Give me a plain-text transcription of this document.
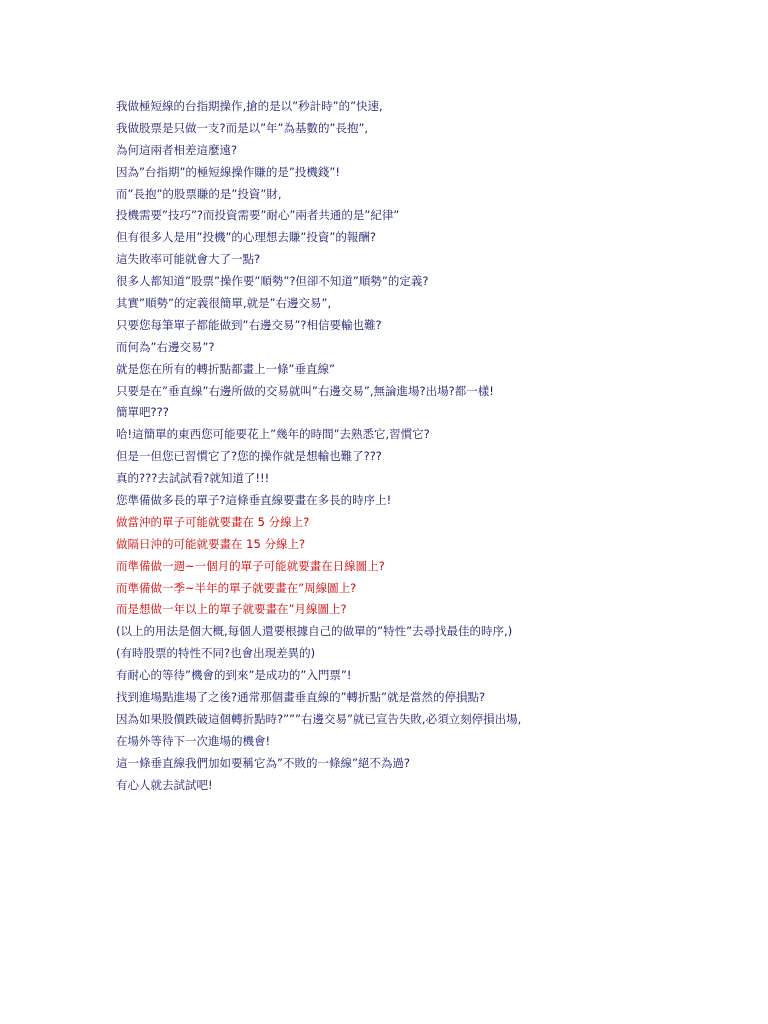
我做極短線的台指期操作,搶的是以”秒計時”的”快速,
我做股票是只做一支?而是以”年”為基數的”長抱”,
為何這兩者相差這麼遠?
因為”台指期”的極短線操作賺的是”投機錢”!
而”長抱”的股票賺的是”投資”財,
投機需要”技巧”?而投資需要”耐心”兩者共通的是”紀律”
但有很多人是用”投機”的心理想去賺”投資”的報酬?
這失敗率可能就會大了一點?
很多人都知道”股票”操作要”順勢”?但卻不知道”順勢”的定義?
其實”順勢”的定義很簡單,就是”右邊交易”,
只要您每筆單子都能做到”右邊交易”?相信要輸也難?
而何為”右邊交易”?
就是您在所有的轉折點都畫上一條”垂直線”
只要是在”垂直線”右邊所做的交易就叫”右邊交易”,無論進場?出場?都一樣!
簡單吧???
哈!這簡單的東西您可能要花上”幾年的時間”去熟悉它,習慣它?
但是一但您已習慣它了?您的操作就是想輸也難了???
真的???去試試看?就知道了!!!
您準備做多長的單子?這條垂直線要畫在多長的時序上!
做當沖的單子可能就要畫在 5 分線上?
做隔日沖的可能就要畫在 15 分線上?
而準備做一週~一個月的單子可能就要畫在日線圖上?
而準備做一季~半年的單子就要畫在”周線圖上?
而是想做一年以上的單子就要畫在”月線圖上?
(以上的用法是個大概,每個人還要根據自己的做單的”特性”去尋找最佳的時序,)
(有時股票的特性不同?也會出現差異的)
有耐心的等待”機會的到來”是成功的”入門票”!
找到進場點進場了之後?通常那個畫垂直線的”轉折點”就是當然的停損點?
因為如果股價跌破這個轉折點時?”””右邊交易”就已宣告失敗,必須立刻停損出場,
在場外等待下一次進場的機會!
這一條垂直線我們加如要稱它為”不敗的一條線”絕不為過?
有心人就去試試吧!
